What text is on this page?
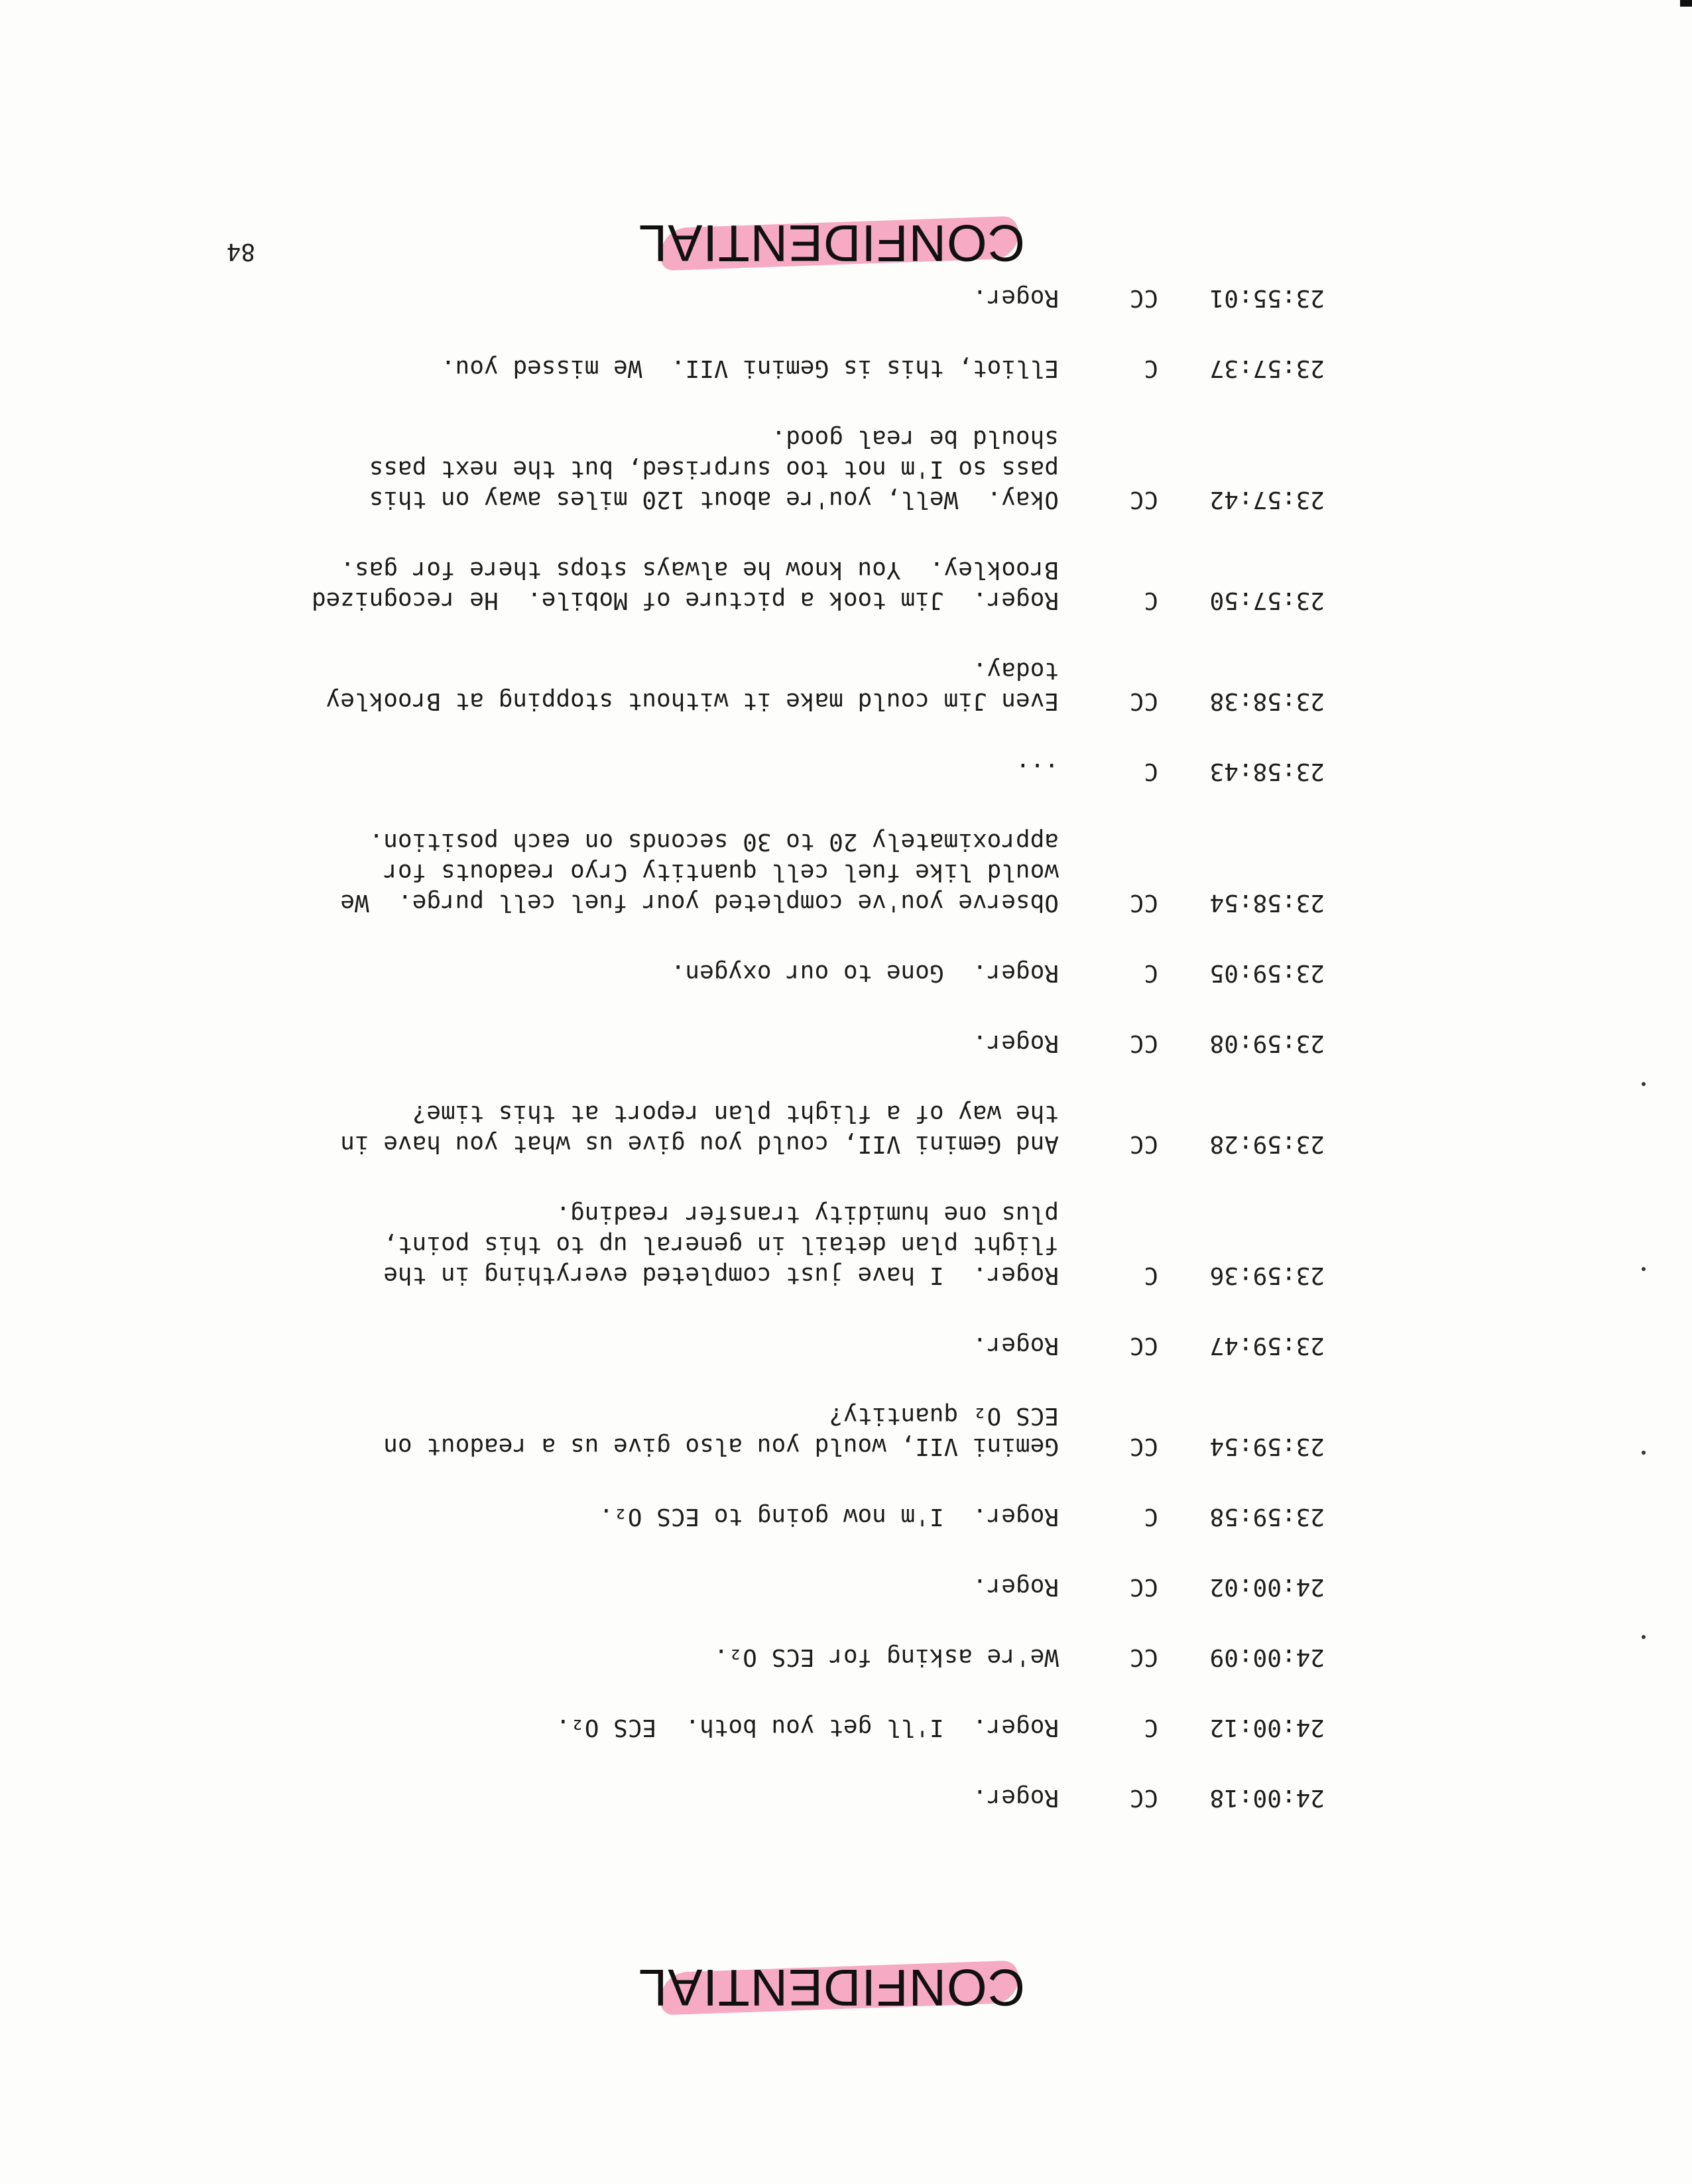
CONFIDENTIAL
CONFIDENTIAL
84
24:00:18
CC
Roger.
24:00:12
C
Roger.  I'll get you both.  ECS O₂.
24:00:09
CC
We're asking for ECS O₂.
24:00:02
CC
Roger.
23:59:58
C
Roger.  I'm now going to ECS O₂.
23:59:54
CC
Gemini VII, would you also give us a readout on
ECS O₂ quantity?
23:59:47
CC
Roger.
23:59:36
C
Roger.  I have just completed everything in the
flight plan detail in general up to this point,
plus one humidity transfer reading.
23:59:28
CC
And Gemini VII, could you give us what you have in
the way of a flight plan report at this time?
23:59:08
CC
Roger.
23:59:05
C
Roger.  Gone to our oxygen.
23:58:54
CC
Observe you've completed your fuel cell purge.  We
would like fuel cell quantity Cryo readouts for
approximately 20 to 30 seconds on each position.
23:58:43
C
...
23:58:38
CC
Even Jim could make it without stopping at Brookley
today.
23:57:50
C
Roger.  Jim took a picture of Mobile.  He recognized
Brookley.  You know he always stops there for gas.
23:57:42
CC
Okay.  Well, you're about 120 miles away on this
pass so I'm not too surprised, but the next pass
should be real good.
23:57:37
C
Elliot, this is Gemini VII.  We missed you.
23:55:01
CC
Roger.
